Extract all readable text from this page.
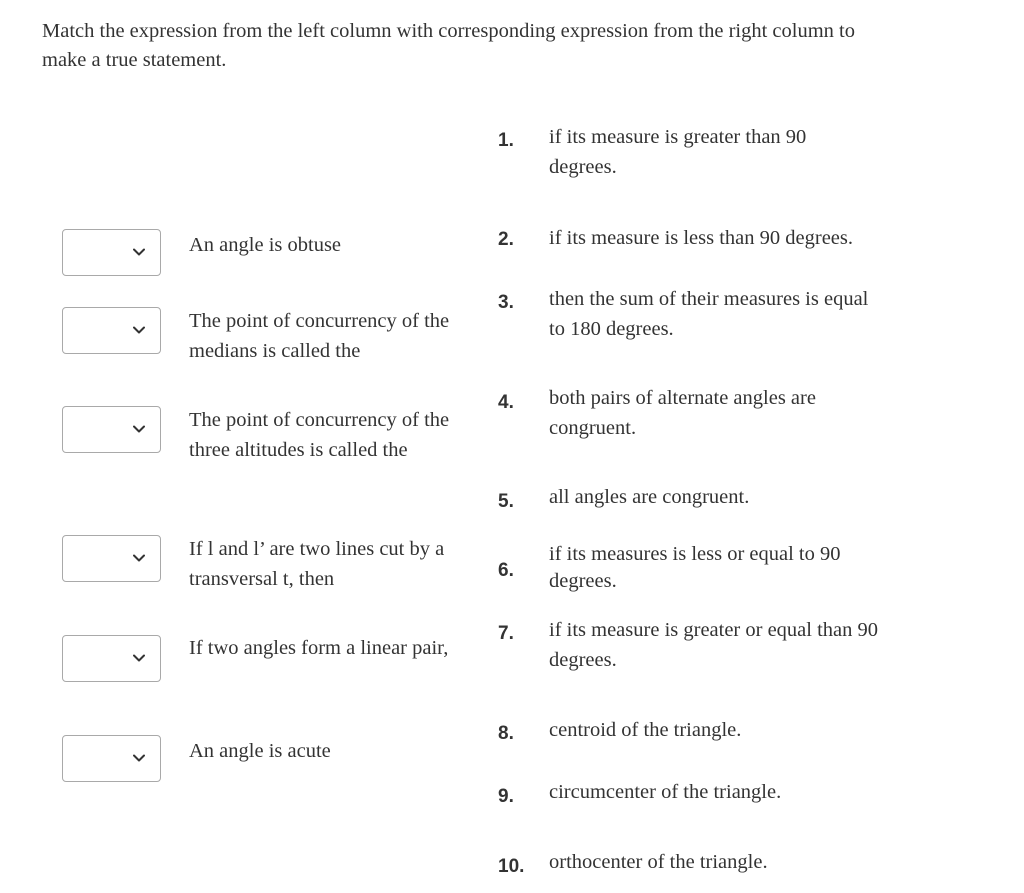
Match the expression from the left column with corresponding expression from the right column to make a true statement.
An angle is obtuse
The point of concurrency of the medians is called the
The point of concurrency of the three altitudes is called the
If l and l’ are two lines cut by a transversal t, then
If two angles form a linear pair,
An angle is acute
1. if its measure is greater than 90 degrees.
2. if its measure is less than 90 degrees.
3. then the sum of their measures is equal to 180 degrees.
4. both pairs of alternate angles are congruent.
5. all angles are congruent.
6.
if its measures is less or equal to 90 degrees.
7. if its measure is greater or equal than 90 degrees.
8. centroid of the triangle.
9. circumcenter of the triangle.
10. orthocenter of the triangle.
